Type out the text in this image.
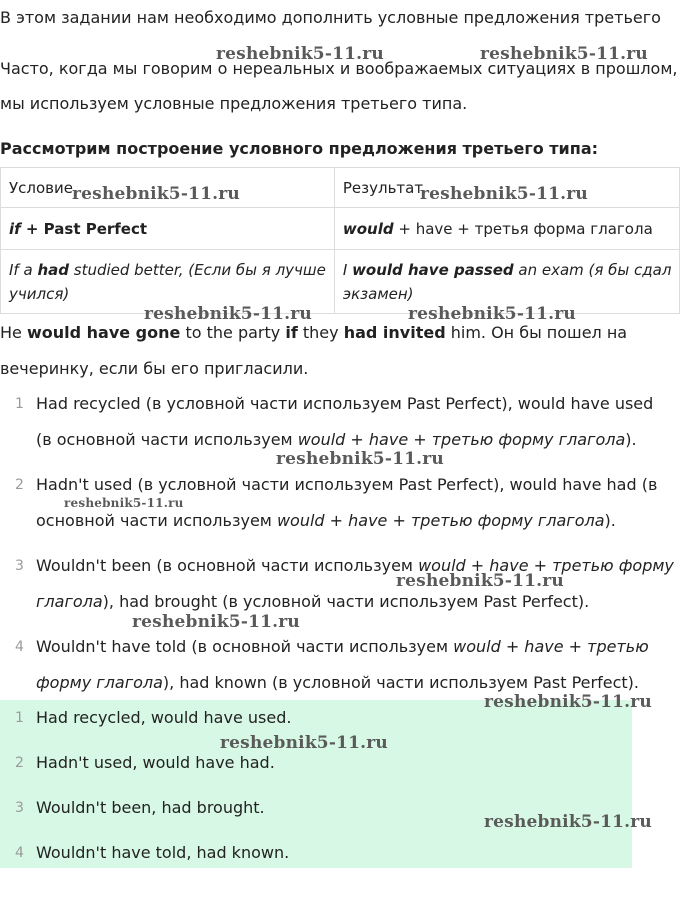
В этом задании нам необходимо дополнить условные предложения третьего
Часто, когда мы говорим о нереальных и воображаемых ситуациях в прошлом,
мы используем условные предложения третьего типа.
Рассмотрим построение условного предложения третьего типа:
Условие	Результат
if + Past Perfect	would + have + третья форма глагола

If a had studied better, (Если бы я лучше
учился)	I would have passed an exam (я бы сдал
экзамен)
He would have gone to the party if they had invited him. Он бы пошел на
вечеринку, если бы его пригласили.
1 Had recycled (в условной части используем Past Perfect), would have used
(в основной части используем would + have + третью форму глагола).
2 Hadn't used (в условной части используем Past Perfect), would have had (в
основной части используем would + have + третью форму глагола).
3 Wouldn't been (в основной части используем would + have + третью форму
глагола), had brought (в условной части используем Past Perfect).
4 Wouldn't have told (в основной части используем would + have + третью
форму глагола), had known (в условной части используем Past Perfect).
1 Had recycled, would have used.
2 Hadn't used, would have had.
3 Wouldn't been, had brought.
4 Wouldn't have told, had known.
reshebnik5-11.ru	reshebnik5-11.ru
reshebnik5-11.ru	reshebnik5-11.ru
reshebnik5-11.ru	reshebnik5-11.ru
reshebnik5-11.ru
reshebnik5-11.ru
reshebnik5-11.ru
reshebnik5-11.ru
reshebnik5-11.ru
reshebnik5-11.ru
reshebnik5-11.ru
